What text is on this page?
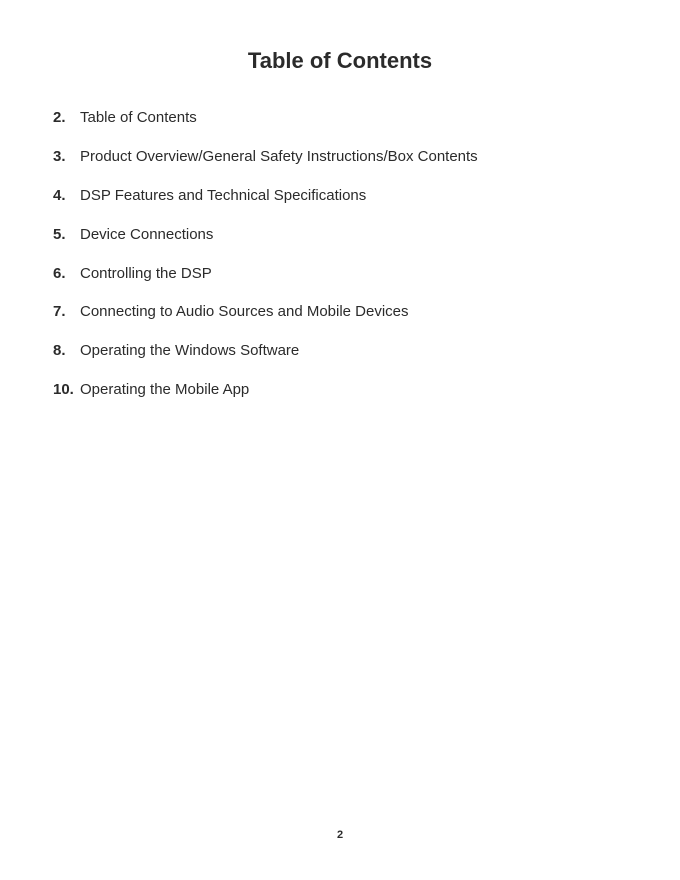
Table of Contents
2. Table of Contents
3. Product Overview/General Safety Instructions/Box Contents
4. DSP Features and Technical Specifications
5. Device Connections
6. Controlling the DSP
7. Connecting to Audio Sources and Mobile Devices
8. Operating the Windows Software
10. Operating the Mobile App
2
